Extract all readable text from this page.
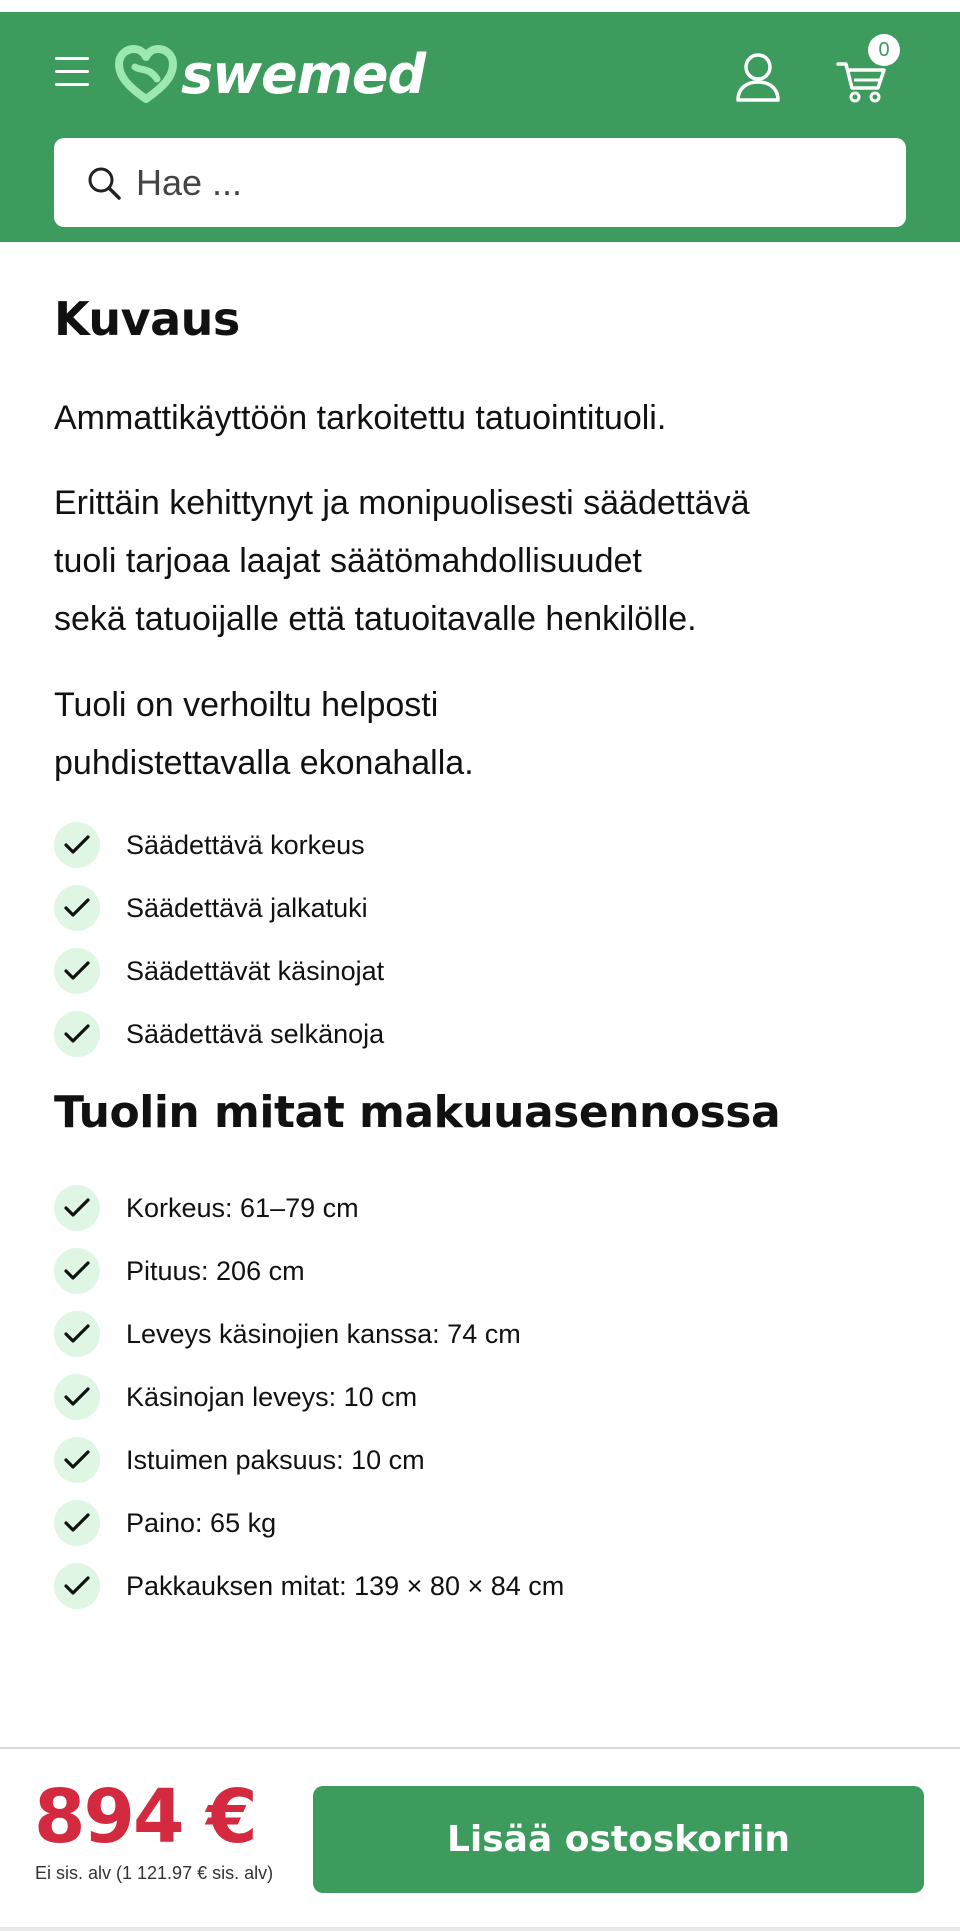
swemed	0
Hae ...
Kuvaus

Ammattikäyttöön tarkoitettu tatuointituoli.

Erittäin kehittynyt ja monipuolisesti säädettävä

tuoli tarjoaa laajat säätömahdollisuudet

sekä tatuoijalle että tatuoitavalle henkilölle.

Tuoli on verhoiltu helposti

puhdistettavalla ekonahalla.

Säädettävä korkeus
Säädettävä jalkatuki
Säädettävät käsinojat
Säädettävä selkänoja
Tuolin mitat makuuasennossa
Korkeus: 61–79 cm
Pituus: 206 cm
Leveys käsinojien kanssa: 74 cm
Käsinojan leveys: 10 cm
Istuimen paksuus: 10 cm
Paino: 65 kg
Pakkauksen mitat: 139 × 80 × 84 cm
894 €
Ei sis. alv (1 121.97 € sis. alv)
Lisää ostoskoriin
